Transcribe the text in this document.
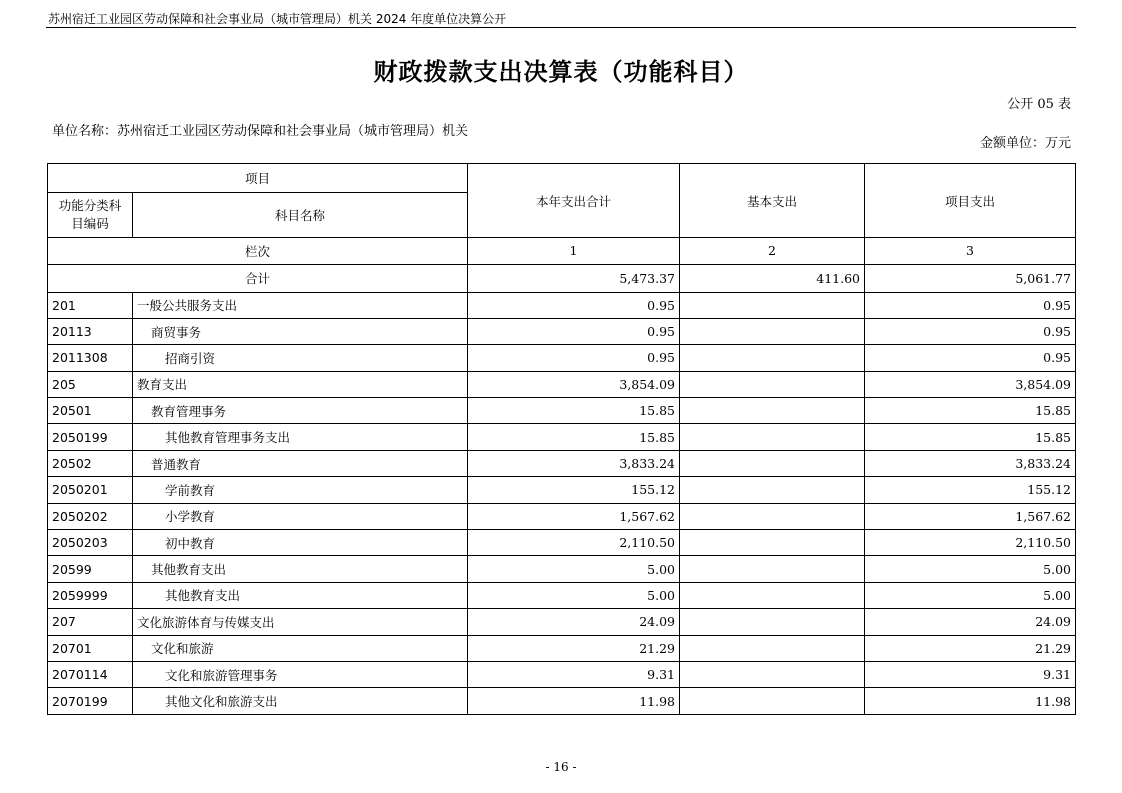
苏州宿迁工业园区劳动保障和社会事业局（城市管理局）机关 2024 年度单位决算公开
财政拨款支出决算表（功能科目）
公开 05 表
单位名称：苏州宿迁工业园区劳动保障和社会事业局（城市管理局）机关
金额单位：万元
项目		本年支出合计	基本支出	项目支出
功能分类科目编码	科目名称			
栏次		1	2	3
合计		5,473.37	411.60	5,061.77
201	一般公共服务支出	0.95		0.95
20113	商贸事务	0.95		0.95
2011308	招商引资	0.95		0.95
205	教育支出	3,854.09		3,854.09
20501	教育管理事务	15.85		15.85
2050199	其他教育管理事务支出	15.85		15.85
20502	普通教育	3,833.24		3,833.24
2050201	学前教育	155.12		155.12
2050202	小学教育	1,567.62		1,567.62
2050203	初中教育	2,110.50		2,110.50
20599	其他教育支出	5.00		5.00
2059999	其他教育支出	5.00		5.00
207	文化旅游体育与传媒支出	24.09		24.09
20701	文化和旅游	21.29		21.29
2070114	文化和旅游管理事务	9.31		9.31
2070199	其他文化和旅游支出	11.98		11.98
- 16 -
